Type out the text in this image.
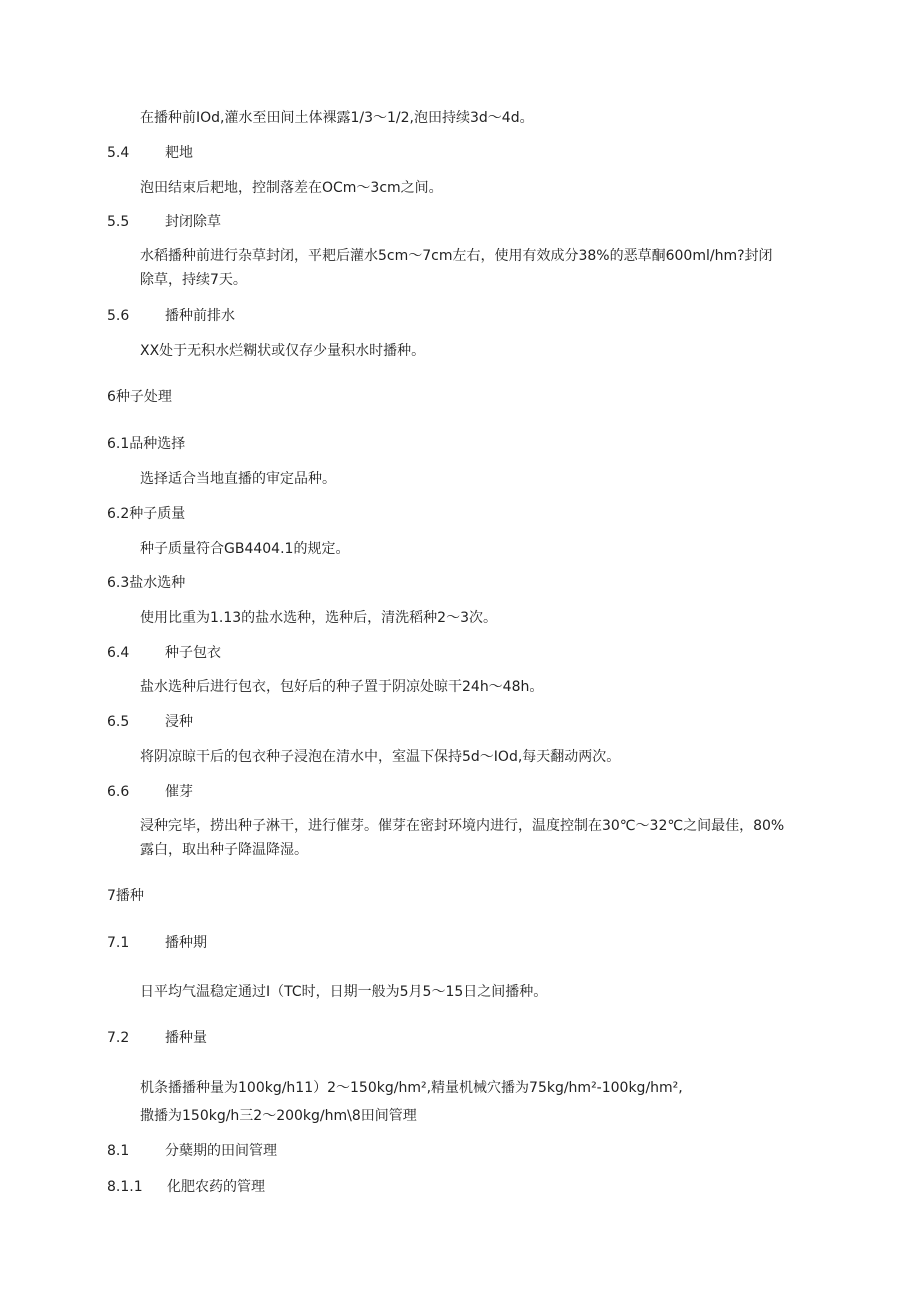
在播种前IOd,灌水至田间土体裸露1/3～1/2,泡田持续3d～4d。
5.4	耙地
泡田结束后耙地，控制落差在OCm～3cm之间。
5.5	封闭除草
水稻播种前进行杂草封闭，平耙后灌水5cm～7cm左右，使用有效成分38%的恶草酮600ml/hm?封闭
除草，持续7天。
5.6	播种前排水
XX处于无积水烂糊状或仅存少量积水时播种。
6种子处理
6.1品种选择
选择适合当地直播的审定品种。
6.2种子质量
种子质量符合GB4404.1的规定。
6.3盐水选种
使用比重为1.13的盐水选种，选种后，清洗稻种2～3次。
6.4	种子包衣
盐水选种后进行包衣，包好后的种子置于阴凉处晾干24h～48h。
6.5	浸种
将阴凉晾干后的包衣种子浸泡在清水中，室温下保持5d～IOd,每天翻动两次。
6.6	催芽
浸种完毕，捞出种子淋干，进行催芽。催芽在密封环境内进行，温度控制在30℃～32℃之间最佳，80%
露白，取出种子降温降湿。
7播种
7.1	播种期
日平均气温稳定通过I（TC时，日期一般为5月5～15日之间播种。
7.2	播种量
机条播播种量为100kg∕h11）2～150kg∕hm²,精量机械穴播为75kg∕hm²-100kg∕hm²,
撒播为150kg∕h三2～200kg∕hm\8田间管理
8.1	分蘖期的田间管理
8.1.1 化肥农药的管理
